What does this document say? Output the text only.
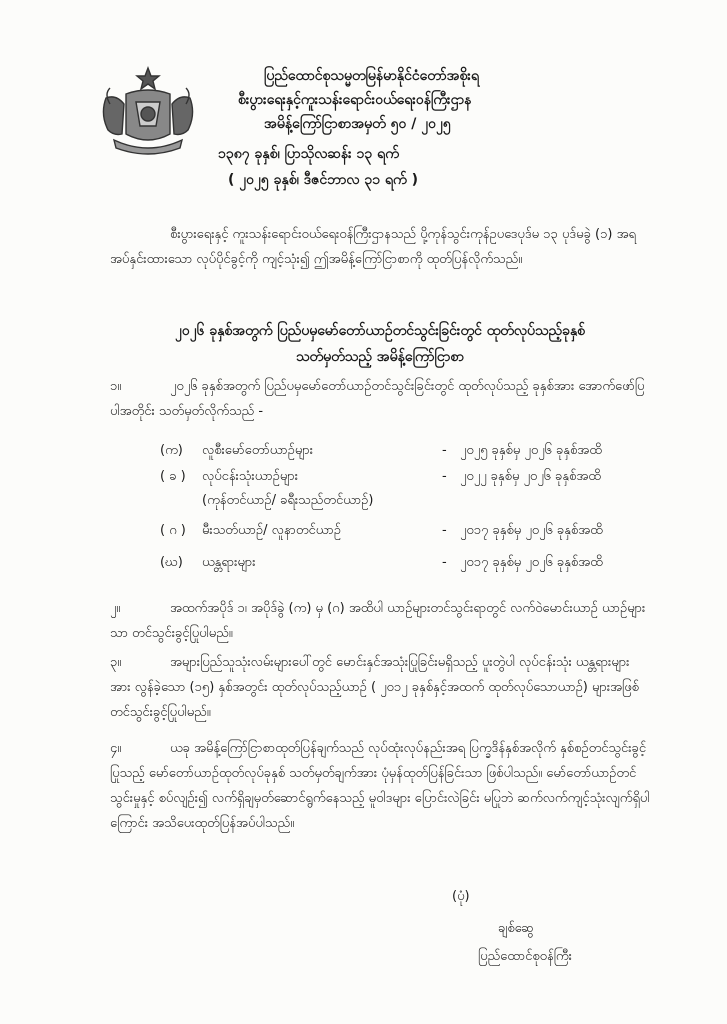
ပြည်ထောင်စုသမ္မတမြန်မာနိုင်ငံတော်အစိုးရ
စီးပွားရေးနှင့်ကူးသန်းရောင်းဝယ်ရေးဝန်ကြီးဌာန
အမိန့်ကြော်ငြာစာအမှတ် ၅၀ / ၂၀၂၅
၁၃၈၇ ခုနှစ်၊ ပြာသိုလဆန်း ၁၃ ရက်
( ၂၀၂၅ ခုနှစ်၊ ဒီဇင်ဘာလ ၃၁ ရက် )

စီးပွားရေးနှင့် ကူးသန်းရောင်းဝယ်ရေးဝန်ကြီးဌာနသည် ပို့ကုန်သွင်းကုန်ဥပဒေပုဒ်မ ၁၃ ပုဒ်မခွဲ (၁) အရ အပ်နှင်းထားသော လုပ်ပိုင်ခွင့်ကို ကျင့်သုံး၍ ဤအမိန့်ကြော်ငြာစာကို ထုတ်ပြန်လိုက်သည်။

၂၀၂၆ ခုနှစ်အတွက် ပြည်ပမှမော်တော်ယာဉ်တင်သွင်းခြင်းတွင် ထုတ်လုပ်သည့်ခုနှစ်
သတ်မှတ်သည့် အမိန့်ကြော်ငြာစာ
၁။	၂၀၂၆ ခုနှစ်အတွက် ပြည်ပမှမော်တော်ယာဉ်တင်သွင်းခြင်းတွင် ထုတ်လုပ်သည့် ခုနှစ်အား အောက်ဖော်ပြပါအတိုင်း သတ်မှတ်လိုက်သည် -
(က) လူစီးမော်တော်ယာဉ်များ	- ၂၀၂၅ ခုနှစ်မှ ၂၀၂၆ ခုနှစ်အထိ
( ခ ) လုပ်ငန်းသုံးယာဉ်များ	- ၂၀၂၂ ခုနှစ်မှ ၂၀၂၆ ခုနှစ်အထိ
(ကုန်တင်ယာဉ်/ ခရီးသည်တင်ယာဉ်)
( ဂ ) မီးသတ်ယာဉ်/ လူနာတင်ယာဉ်	- ၂၀၁၇ ခုနှစ်မှ ၂၀၂၆ ခုနှစ်အထိ
(ဃ) ယန္တရားများ	- ၂၀၁၇ ခုနှစ်မှ ၂၀၂၆ ခုနှစ်အထိ
၂။	အထက်အပိုဒ် ၁၊ အပိုဒ်ခွဲ (က) မှ (ဂ) အထိပါ ယာဉ်များတင်သွင်းရာတွင် လက်ဝဲမောင်းယာဉ် ယာဉ်များသာ တင်သွင်းခွင့်ပြုပါမည်။
၃။	အများပြည်သူသုံးလမ်းများပေါ်တွင် မောင်းနှင်အသုံးပြုခြင်းမရှိသည့် ပူးတွဲပါ လုပ်ငန်းသုံး ယန္တရားများအား လွန်ခဲ့သော (၁၅) နှစ်အတွင်း ထုတ်လုပ်သည့်ယာဉ် ( ၂၀၁၂ ခုနှစ်နှင့်အထက် ထုတ်လုပ်သောယာဉ်) များအဖြစ် တင်သွင်းခွင့်ပြုပါမည်။
၄။	ယခု အမိန့်ကြော်ငြာစာထုတ်ပြန်ချက်သည် လုပ်ထုံးလုပ်နည်းအရ ပြက္ခဒိန်နှစ်အလိုက် နှစ်စဉ်တင်သွင်းခွင့်ပြုသည့် မော်တော်ယာဉ်ထုတ်လုပ်ခုနှစ် သတ်မှတ်ချက်အား ပုံမှန်ထုတ်ပြန်ခြင်းသာ ဖြစ်ပါသည်။ မော်တော်ယာဉ်တင်သွင်းမှုနှင့် စပ်လျဉ်း၍ လက်ရှိချမှတ်ဆောင်ရွက်နေသည့် မူဝါဒများ ပြောင်းလဲခြင်း မပြုဘဲ ဆက်လက်ကျင့်သုံးလျက်ရှိပါကြောင်း အသိပေးထုတ်ပြန်အပ်ပါသည်။
(ပုံ)
ချစ်ဆွေ
ပြည်ထောင်စုဝန်ကြီး
